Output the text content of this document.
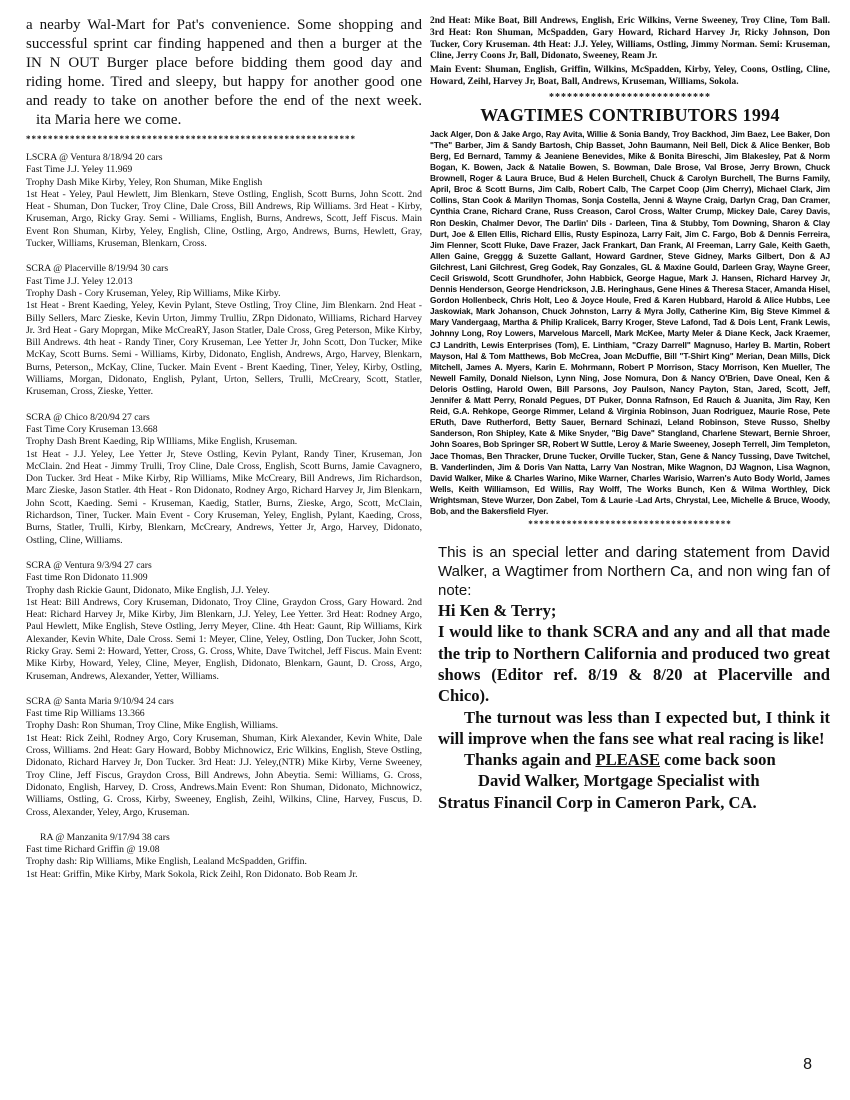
a nearby Wal-Mart for Pat's convenience. Some shopping and

successful sprint car finding happened and then a burger at the

IN N OUT Burger place before bidding them good day and

riding home. Tired and sleepy, but happy for another good one

and ready to take on another before the end of the next week.

ita Maria here we come.

************************************************************
LSCRA @ Ventura 8/18/94 20 cars
Fast Time J.J. Yeley 11.969
Trophy Dash Mike Kirby, Yeley, Ron Shuman, Mike English
1st Heat - Yeley, Paul Hewlett, Jim Blenkarn, Steve Ostling, English, Scott Burns, John Scott. 2nd Heat - Shuman, Don Tucker, Troy Cline, Dale Cross, Bill Andrews, Rip Williams. 3rd Heat - Kirby, Kruseman, Argo, Ricky Gray. Semi - Williams, English, Burns, Andrews, Scott, Jeff Fiscus. Main Event Ron Shuman, Kirby, Yeley, English, Cline, Ostling, Argo, Andrews, Burns, Hewlett, Gray, Tucker, Williams, Kruseman, Blenkarn, Cross.
SCRA @ Placerville 8/19/94 30 cars
Fast Time J.J. Yeley 12.013
Trophy Dash - Cory Kruseman, Yeley, Rip Williams, Mike Kirby.
1st Heat - Brent Kaeding, Yeley, Kevin Pylant, Steve Ostling, Troy Cline, Jim Blenkarn. 2nd Heat - Billy Sellers, Marc Zieske, Kevin Urton, Jimmy Trulliu, ZRpn Didonato, Williams, Richard Harvey Jr. 3rd Heat - Gary Moprgan, Mike McCreaRY, Jason Statler, Dale Cross, Greg Peterson, Mike Kirby, Bill Andrews. 4th heat - Randy Tiner, Cory Kruseman, Lee Yetter Jr, John Scott, Don Tucker, Mike McKay, Scott Burns. Semi - Williams, Kirby, Didonato, English, Andrews, Argo, Harvey, Blenkarn, Burns, Peterson,, McKay, Cline, Tucker. Main Event - Brent Kaeding, Tiner, Yeley, Kirby, Ostling, Williams, Morgan, Didonato, English, Pylant, Urton, Sellers, Trulli, McCreary, Scott, Statler, Kruseman, Cross, Zieske, Yetter.
SCRA @ Chico 8/20/94 27 cars
Fast Time Cory Kruseman 13.668
Trophy Dash Brent Kaeding, Rip WIlliams, Mike English, Kruseman.
1st Heat - J.J. Yeley, Lee Yetter Jr, Steve Ostling, Kevin Pylant, Randy Tiner, Kruseman, Jon McClain. 2nd Heat - Jimmy Trulli, Troy Cline, Dale Cross, English, Scott Burns, Jamie Cavagnero, Don Tucker. 3rd Heat - Mike Kirby, Rip Williams, Mike McCreary, Bill Andrews, Jim Richardson, Marc Zieske, Jason Statler. 4th Heat - Ron Didonato, Rodney Argo, Richard Harvey Jr, Jim Blenkarn, John Scott, Kaeding. Semi - Kruseman, Kaedig, Statler, Burns, Zieske, Argo, Scott, McClain, Richardson, Tiner, Tucker. Main Event - Cory Kruseman, Yeley, English, Pylant, Kaeding, Cross, Burns, Statler, Trulli, Kirby, Blenkarn, McCreary, Andrews, Yetter Jr, Argo, Harvey, Didonato, Ostling, Cline, Williams.
SCRA @ Ventura 9/3/94 27 cars
Fast time Ron Didonato 11.909
Trophy dash Rickie Gaunt, Didonato, Mike English, J.J. Yeley.
1st Heat: Bill Andrews, Cory Kruseman, Didonato, Troy Cline, Graydon Cross, Gary Howard. 2nd Heat: Richard Harvey Jr, Mike Kirby, Jim Blenkarn, J.J. Yeley, Lee Yetter. 3rd Heat: Rodney Argo, Paul Hewlett, Mike English, Steve Ostling, Jerry Meyer, Cline. 4th Heat: Gaunt, Rip Williams, Kirk Alexander, Kevin White, Dale Cross. Semi 1: Meyer, Cline, Yeley, Ostling, Don Tucker, John Scott, Ricky Gray. Semi 2: Howard, Yetter, Cross, G. Cross, White, Dave Twitchel, Jeff Fiscus. Main Event: Mike Kirby, Howard, Yeley, Cline, Meyer, English, Didonato, Blenkarn, Gaunt, D. Cross, Argo, Kruseman, Andrews, Alexander, Yetter, Williams.
SCRA @ Santa Maria 9/10/94 24 cars
Fast time Rip Williams 13.366
Trophy Dash: Ron Shuman, Troy Cline, Mike English, Williams.
1st Heat: Rick Zeihl, Rodney Argo, Cory Kruseman, Shuman, Kirk Alexander, Kevin White, Dale Cross, Williams. 2nd Heat: Gary Howard, Bobby Michnowicz, Eric Wilkins, English, Steve Ostling, Didonato, Richard Harvey Jr, Don Tucker. 3rd Heat: J.J. Yeley,(NTR) Mike Kirby, Verne Sweeney, Troy Cline, Jeff Fiscus, Graydon Cross, Bill Andrews, John Abeytia. Semi: Williams, G. Cross, Didonato, English, Harvey, D. Cross, Andrews.Main Event: Ron Shuman, Didonato, Michnowicz, Williams, Ostling, G. Cross, Kirby, Sweeney, English, Zeihl, Wilkins, Cline, Harvey, Fuscus, D. Cross, Alexander, Yeley, Argo, Kruseman.
RA @ Manzanita 9/17/94 38 cars
Fast time Richard Griffin @ 19.08
Trophy dash: Rip Williams, Mike English, Lealand McSpadden, Griffin.
1st Heat: Griffin, Mike Kirby, Mark Sokola, Rick Zeihl, Ron Didonato. Bob Ream Jr.

2nd Heat: Mike Boat, Bill Andrews, English, Eric Wilkins, Verne Sweeney, Troy Cline, Tom Ball. 3rd Heat: Ron Shuman, McSpadden, Gary Howard, Richard Harvey Jr, Ricky Johnson, Don Tucker, Cory Kruseman. 4th Heat: J.J. Yeley, Williams, Ostling, Jimmy Norman. Semi: Kruseman, Cline, Jerry Coons Jr, Ball, Didonato, Sweeney, Ream Jr.

Main Event: Shuman, English, Griffin, Wilkins, McSpadden, Kirby, Yeley, Coons, Ostling, Cline, Howard, Zeihl, Harvey Jr, Boat, Ball, Andrews, Kruseman, Williams, Sokola.

***************************
WAGTIMES CONTRIBUTORS 1994
Jack Alger, Don & Jake Argo, Ray Avita, Willie & Sonia Bandy, Troy Backhod, Jim Baez, Lee Baker, Don "The" Barber, Jim & Sandy Bartosh, Chip Basset, John Baumann, Neil Bell, Dick & Alice Benker, Bob Berg, Ed Bernard, Tammy & Jeaniene Benevides, Mike & Bonita Bireschi, Jim Blakesley, Pat & Norm Bogan, K. Bowen, Jack & Natalie Bowen, S. Bowman, Dale Brose, Val Brose, Jerry Brown, Chuck Brownell, Roger & Laura Bruce, Bud & Helen Burchell, Chuck & Carolyn Burchell, The Burns Family, April, Broc & Scott Burns, Jim Calb, Robert Calb, The Carpet Coop (Jim Cherry), Michael Clark, Jim Collins, Stan Cook & Marilyn Thomas, Sonja Costella, Jenni & Wayne Craig, Darlyn Crag, Dan Cramer, Cynthia Crane, Richard Crane, Russ Creason, Carol Cross, Walter Crump, Mickey Dale, Carey Davis, Ron Deskin, Chalmer Devor, The Darlin' Dils - Darleen, Tina & Stubby, Tom Downing, Sharon & Clay Durt, Joe & Ellen Ellis, Richard Ellis, Rusty Espinoza, Larry Fait, Jim C. Fargo, Bob & Dennis Ferreira, Jim Flenner, Scott Fluke, Dave Frazer, Jack Frankart, Dan Frank, Al Freeman, Larry Gale, Keith Gaeth, Allen Gaine, Greggg & Suzette Gallant, Howard Gardner, Steve Gidney, Marks Gilbert, Don & AJ Gilchrest, Lani Gilchrest, Greg Godek, Ray Gonzales, GL & Maxine Gould, Darleen Gray, Wayne Greer, Cecil Griswold, Scott Grundhofer, John Habbick, George Hague, Mark J. Hansen, Richard Harvey Jr, Dennis Henderson, George Hendrickson, J.B. Heringhaus, Gene Hines & Theresa Stacer, Amanda Hisel, Gordon Hollenbeck, Chris Holt, Leo & Joyce Houle, Fred & Karen Hubbard, Harold & Alice Hubbs, Lee Jaskowiak, Mark Johanson, Chuck Johnston, Larry & Myra Jolly, Catherine Kim, Big Steve Kimmel & Mary Vandergaag, Martha & Philip Kralicek, Barry Kroger, Steve Lafond, Tad & Dois Lent, Frank Lewis, Johnny Long, Roy Lowers, Marvelous Marcell, Mark McKee, Marty Meler & Diane Keck, Jack Kraemer, CJ Landrith, Lewis Enterprises (Tom), E. Linthiam, "Crazy Darrell" Magnuso, Harley B. Martin, Robert Mayson, Hal & Tom Matthews, Bob McCrea, Joan McDuffie, Bill "T-Shirt King" Merian, Dean Mills, Dick Mitchell, James A. Myers, Karin E. Mohrmann, Robert P Morrison, Stacy Morrison, Ken Mueller, The Newell Family, Donald Nielson, Lynn Ning, Jose Nomura, Don & Nancy O'Brien, Dave Oneal, Ken & Deloris Ostling, Harold Owen, Bill Parsons, Joy Paulson, Nancy Payton, Stan, Jared, Scott, Jeff, Jennifer & Matt Perry, Ronald Pegues, DT Puker, Donna Rafnson, Ed Rauch & Juanita, Jim Ray, Ken Reid, G.A. Rehkope, George Rimmer, Leland & Virginia Robinson, Juan Rodriguez, Maurie Rose, Pete ERuth, Dave Rutherford, Betty Sauer, Bernard Schinazi, Leland Robinson, Steve Russo, Shelby Sanderson, Ron Shipley, Kate & Mike Snyder, "Big Dave" Stangland, Charlene Stewart, Bernie Shroer, John Soares, Bob Springer SR, Robert W Suttle, Leroy & Marie Sweeney, Joseph Terrell, Jim Templeton, Jace Thomas, Ben Thracker, Drune Tucker, Orville Tucker, Stan, Gene & Nancy Tussing, Dave Twitchel, B. Vanderlinden, Jim & Doris Van Natta, Larry Van Nostran, Mike Wagnon, DJ Wagnon, Lisa Wagnon, David Walker, Mike & Charles Warino, Mike Warner, Charles Warisio, Warren's Auto Body World, James Wells, Keith Williamson, Ed Willis, Ray Wolff, The Works Bunch, Ken & Wilma Worthley, Dick Wrightsman, Steve Wurzer, Don Zabel, Tom & Laurie -Lad Arts, Chrystal, Lee, Michelle & Bruce, Woody, Bob, and the Bakersfield Flyer.
*************************************
This is an special letter and daring statement from David Walker, a Wagtimer from Northern Ca, and non wing fan of note:

Hi Ken & Terry;

I would like to thank SCRA and any and all that made the trip to Northern California and produced two great shows (Editor ref. 8/19 & 8/20 at Placerville and Chico).

The turnout was less than I expected but, I think it will improve when the fans see what real racing is like!

Thanks again and PLEASE come back soon

David Walker, Mortgage Specialist with

Stratus Financil Corp in Cameron Park, CA.

8
